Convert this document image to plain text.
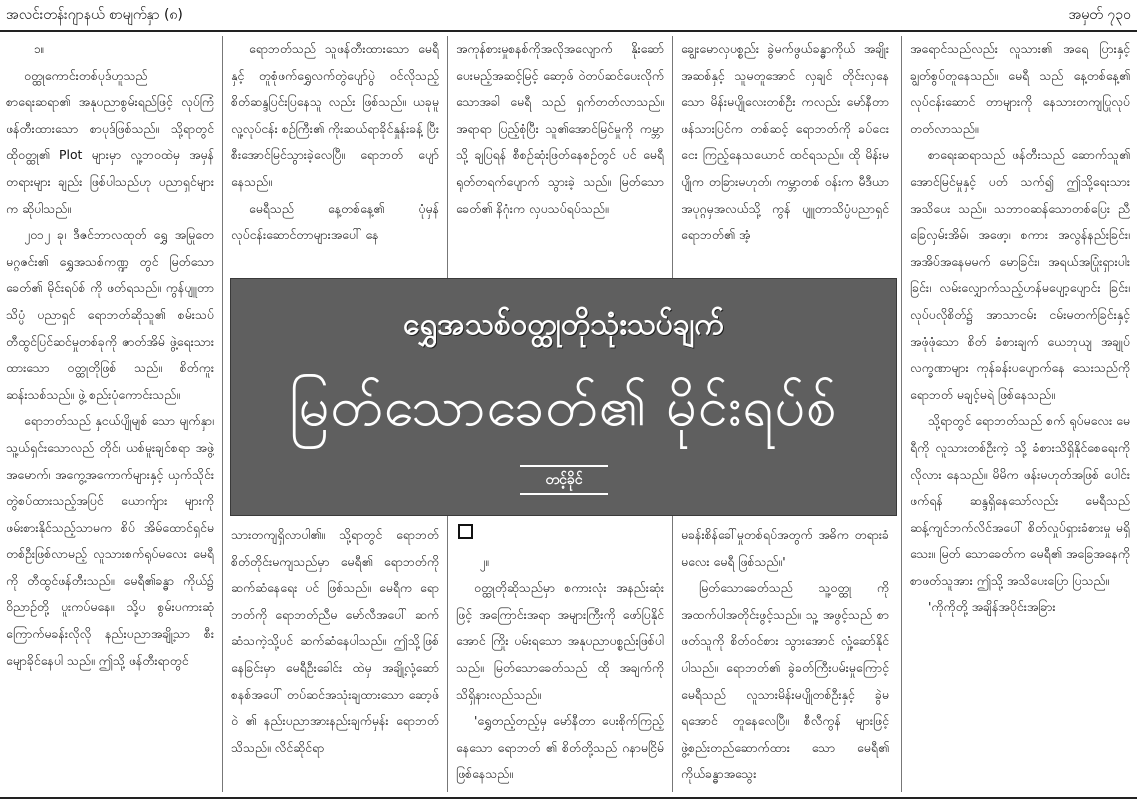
အလင်းတန်းဂျာနယ် စာမျက်နှာ (၈)	အမှတ် ၇၃၀

၁။

ဝတ္ထုကောင်းတစ်ပုဒ်ဟူသည် စာရေးဆရာ၏ အနုပညာစွမ်းရည်ဖြင့် လုပ်ကြံဖန်တီးထားသော စာပုဒ်ဖြစ်သည်။ သို့ရာတွင် ထိုဝတ္ထု၏ Plot များမှာ လူ့ဘဝထဲမှ အမှန်တရားများ ချည်း ဖြစ်ပါသည်ဟု ပညာရှင်များက ဆိုပါသည်။

၂၀၁၂ ခု၊ ဒီဇင်ဘာလထုတ် ရွှေ အမြုတေမဂ္ဂဇင်း၏ ရွှေအသစ်ကဏ္ဍ တွင် မြတ်သောခေတ်၏ မိုင်းရပ်စ် ကို ဖတ်ရသည်။ ကွန်ပျူတာသိပ္ပံ ပညာရှင် ရောဘတ်ဆိုသူ၏ စမ်းသပ် တီထွင်ပြင်ဆင်မှုတစ်ခုကို ဇာတ်အိမ် ဖွဲ့ရေးသားထားသော ဝတ္ထုတိုဖြစ် သည်။ စိတ်ကူးဆန်းသစ်သည်။ ဖွဲ့ စည်းပုံကောင်းသည်။

ရောဘတ်သည် နှငယ်ပျိုမျစ် သော မျက်နှာ၊ သူ့ယ်ရှင်းသောလည် တိုင်၊ ယစ်မူးချင်စရာ အဖွဲ့အမောက်၊ အကွေ့အကောက်များနှင့် ယှက်သိုင်း တွဲစပ်ထားသည့်အပြင် ယောက်ျား များကို ဖမ်းစားနိုင်သည့်သာမက စိပ် အိမ်ထောင်ရှင်မတစ်ဦးဖြစ်လာမည့် လူသားစက်ရုပ်မလေး မေရီကို တီထွင်ဖန်တီးသည်။ မေရီ၏ခန္ဓာ ကိုယ်၌ ဝိညာဉ်တို့ ပူးကပ်မနေ။ သို့ပ စွမ်းပကားဆုံ ကြောက်မခန်းလိုလို နည်းပညာအချို့သာ စီးမျောခိုင်နေပါ သည်။ ဤသို့ ဖန်တီးရာတွင်

ရောဘတ်သည် သူဖန်တီးထားသော မေရီနှင့် တူစုံဖက်ရွှေလက်တွဲပျော်ပွဲ ဝင်လိုသည့် စိတ်ဆန္ဒပြင်းပြနေသူ လည်း ဖြစ်သည်။ ယခုမူ လူ့လုပ်ငန်း စဉ်ကြီး၏ ကိုးဆယ်ရာခိုင်နှုန်းခန့် ပြီး စီးအောင်မြင်သွားခဲ့လေပြီ။ ရောဘတ် ပျော်နေသည်။

မေရီသည် နေ့တစ်နေ့၏ ပုံမှန် လုပ်ငန်းဆောင်တာများအပေါ် နေ

သားတကျရှိလာပါ၏။ သို့ရာတွင် ရောဘတ် စိတ်တိုင်းမကျသည်မှာ မေရီ၏ ရောဘတ်ကို ဆက်ဆံနေရေး ပင် ဖြစ်သည်။ မေရီက ရောဘတ်ကို ရောဘတ်ညီမ မော်လီအပေါ် ဆက် ဆံသကဲ့သို့ပင် ဆက်ဆံနေပါသည်။ ဤသို့ဖြစ်နေခြင်းမှာ မေရီဦးခေါင်း ထဲမှ အချို့လုံ့ဆော်စနစ်အပေါ် တပ်ဆင်အသုံးချထားသော ဆော့ဖ်ဝဲ ၏ နည်းပညာအားနည်းချက်မှန်း ရောဘတ် သိသည်။ လိင်ဆိုင်ရာ

အကုန်စားမှုစနစ်ကိုအလိုအလျောက် နိုးဆော်ပေးမည့်အဆင့်မြင့် ဆော့ဖ် ဝဲတပ်ဆင်ပေးလိုက်သောအခါ မေရီ သည် ရှက်တတ်လာသည်။ အရာရာ ပြည့်စုံပြီး သူ၏အောင်မြင်မှုကို ကမ္ဘာ သို့ ချပြရန် စီစဉ်ဆုံးဖြတ်နေစဉ်တွင် ပင် မေရီ ရုတ်တရက်ပျောက် သွားခဲ့ သည်။ မြတ်သောခေတ်၏ နိဂုံးက လှပသပ်ရပ်သည်။

၂။

ဝတ္ထုတိုဆိုသည်မှာ စကားလုံး အနည်းဆုံးဖြင့် အကြောင်းအရာ အများကြီးကို ဖော်ပြနိုင်အောင် ကြိုး ပမ်းရသော အနုပညာပစ္စည်းဖြစ်ပါ သည်။ မြတ်သောခေတ်သည် ထို အချက်ကို သိရှိနားလည်သည်။

'ရွှေတည့်တည့်မှ မော်နီတာ ပေးစိုက်ကြည့်နေသော ရောဘတ် ၏ စိတ်တို့သည် ဂနာမငြိမ်ဖြစ်နေသည်။

ချွေးမောလှပစ္စည်း ခွဲမက်ဖွယ်ခန္ဓာကိုယ် အချိုးအဆစ်နှင့် သူမတူအောင် လှချင် တိုင်းလှနေသော မိန်းမပျိုလေးတစ်ဦး ကလည်း မော်နီတာဖန်သားပြင်က တစ်ဆင့် ရောဘတ်ကို ခပ်ငေးငေး ကြည့်နေသယောင် ထင်ရသည်။ ထို မိန်းမပျိုက တခြားမဟုတ်၊ ကမ္ဘာတစ် ဝန်းက မီဒီယာအပုဂ္ဂမှအလယ်သို့ ကွန် ပျူတာသိပ္ပံပညာရှင် ရောဘတ်၏ အံ့

မခန်းစိန်ခေါ်မှုတစ်ရပ်အတွက် အဓိက တရားခံမလေး မေရီ ဖြစ်သည်။'

မြတ်သောခေတ်သည် သူ့ဝတ္ထု ကို အထက်ပါအတိုင်းဖွင့်သည်။ သူ့ အဖွင့်သည် စာဖတ်သူကို စိတ်ဝင်စား သွားအောင် လှုံ့ဆော်နိုင်ပါသည်။ ရောဘတ်၏ ခွဲခတ်ကြီးပမ်းမှုကြောင့် မေရီသည် လူသားမိန်းမပျိုတစ်ဦးနှင့် ခွဲမရအောင် တူနေလေပြီ။ စီလီကွန် များဖြင့် ဖွဲ့စည်းတည်ဆောက်ထား သော မေရီ၏ ကိုယ်ခန္ဓာအသွေး

အရောင်သည်လည်း လူသား၏ အရေ ပြားနှင့် ချွတ်စွပ်တူနေသည်။ မေရီ သည် နေ့တစ်နေ့၏ လုပ်ငန်းဆောင် တာများကို နေသားတကျပြုလုပ် တတ်လာသည်။

စာရေးဆရာသည် ဖန်တီးသည် ဆောက်သူ၏ အောင်မြင်မှုနှင့် ပတ် သက်၍ ဤသို့ရေးသားအသိပေး သည်။ သဘာဝဆန်သောတစ်ပြေး ညီခြေလှမ်းအိမ်၊ အဖော့၊ စကား အလွန်နည်းခြင်း၊ အအိပ်အနေမမက် မောခြင်း၊ အရယ်အပြုံးရှားပါးခြင်း၊ လမ်းလျှောက်သည့်ဟန်မပျော့ပျောင်း ခြင်း၊ လုပ်ပလိုစိတ်၌ အာသာငမ်း ငမ်းမတက်ခြင်းနှင့် အဖုံဖုံသော စိတ် ခံစားချက် ယေဘုယျ အချုပ် လက္ခဏာများ ကုန်ခန်းပပျောက်နေ သေးသည်ကို ရောဘတ် မချင့်မရဲ ဖြစ်နေသည်။

သို့ရာတွင် ရောဘတ်သည် စက် ရုပ်မလေး မေရီကို လူသားတစ်ဦးကဲ့ သို့ ခံစားသိရှိနိုင်စေရေးကို လိုလား နေသည်။ မိမိက ဖန်းမဟုတ်အဖြစ် ပေါင်းဖက်ရန် ဆန္ဒရှိနေသော်လည်း မေရီသည် ဆန့်ကျင်ဘက်လိင်အပေါ် စိတ်လှုပ်ရှားခံစားမှု မရှိသေး။ မြတ် သောခေတ်က မေရီ၏ အခြေအနေကို စာဖတ်သူအား ဤသို့ အသိပေးပြော ပြသည်။

'ကိုကိုတို့ အချိန်အပိုင်းအခြား

ရွှေအသစ်ဝတ္ထုတိုသုံးသပ်ချက်
မြတ်သောခေတ်၏ မိုင်းရပ်စ်
တင့်ခိုင်
